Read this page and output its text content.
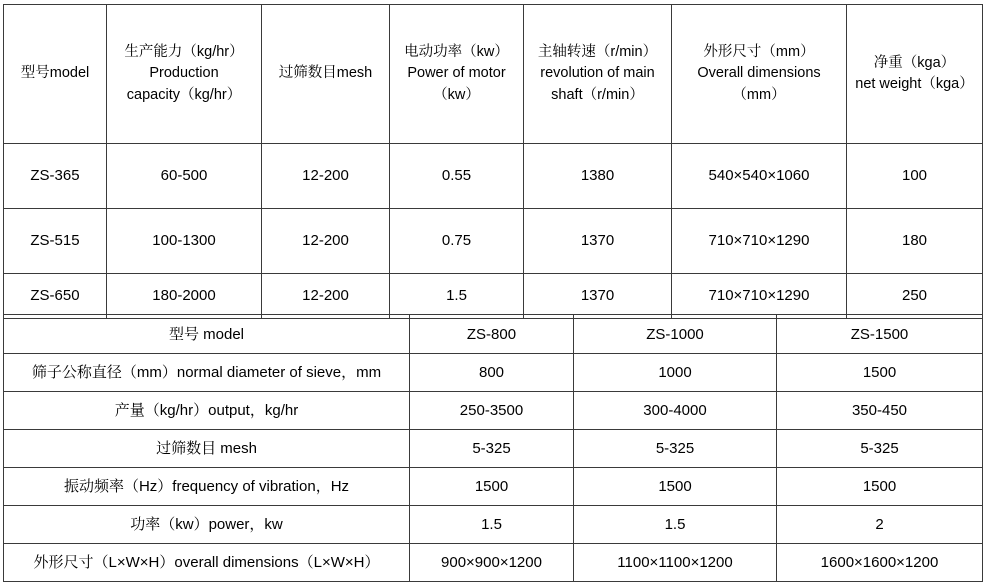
型号model	生产能力（kg/hr）
Production
capacity（kg/hr）	过筛数目mesh	电动功率（kw）
Power of motor
（kw）	主轴转速（r/min）
revolution of main
shaft（r/min）	外形尺寸（mm）
Overall dimensions
（mm）	净重（kga）
net weight（kga）

ZS-365	60-500	12-200	0.55	1380	540×540×1060	100
ZS-515	100-1300	12-200	0.75	1370	710×710×1290	180
ZS-650	180-2000	12-200	1.5	1370	710×710×1290	250
型号 model	ZS-800	ZS-1000	ZS-1500
筛子公称直径（mm）normal diameter of sieve，mm	800	1000	1500
产量（kg/hr）output，kg/hr	250-3500	300-4000	350-450
过筛数目 mesh	5-325	5-325	5-325
振动频率（Hz）frequency of vibration，Hz	1500	1500	1500
功率（kw）power，kw	1.5	1.5	2
外形尺寸（L×W×H）overall dimensions（L×W×H）	900×900×1200	1100×1100×1200	1600×1600×1200
